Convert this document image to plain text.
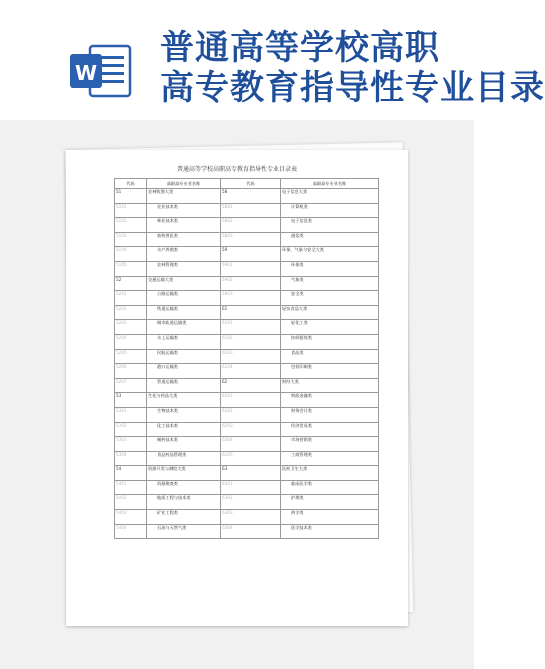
W
普通高等学校高职
高专教育指导性专业目录
普通高等学校高职高专教育指导性专业目录表
代码	高职高专专业名称	代码	高职高专专业名称
51	农林牧渔大类	58	电子信息大类
5101	农业技术类	5801	计算机类
5102	林业技术类	5802	电子信息类
5103	畜牧兽医类	5803	通信类
5104	水产养殖类	59	环保、气象与安全大类
5105	农林管理类	5901	环保类
52	交通运输大类	5902	气象类
5201	公路运输类	5903	安全类
5202	铁道运输类	61	轻纺食品大类
5203	城市轨道运输类	6101	轻化工类
5204	水上运输类	6102	纺织服装类
5205	民航运输类	6103	食品类
5206	港口运输类	6104	包装印刷类
5207	管道运输类	62	财经大类
53	生化与药品大类	6201	财政金融类
5301	生物技术类	6202	财务会计类
5302	化工技术类	6203	经济贸易类
5303	制药技术类	6204	市场营销类
5304	食品药品管理类	6205	工商管理类
54	资源开发与测绘大类	63	医药卫生大类
5401	资源勘查类	6301	临床医学类
5402	地质工程与技术类	6302	护理类
5403	矿业工程类	6303	药学类
5404	石油与天然气类	6304	医学技术类
